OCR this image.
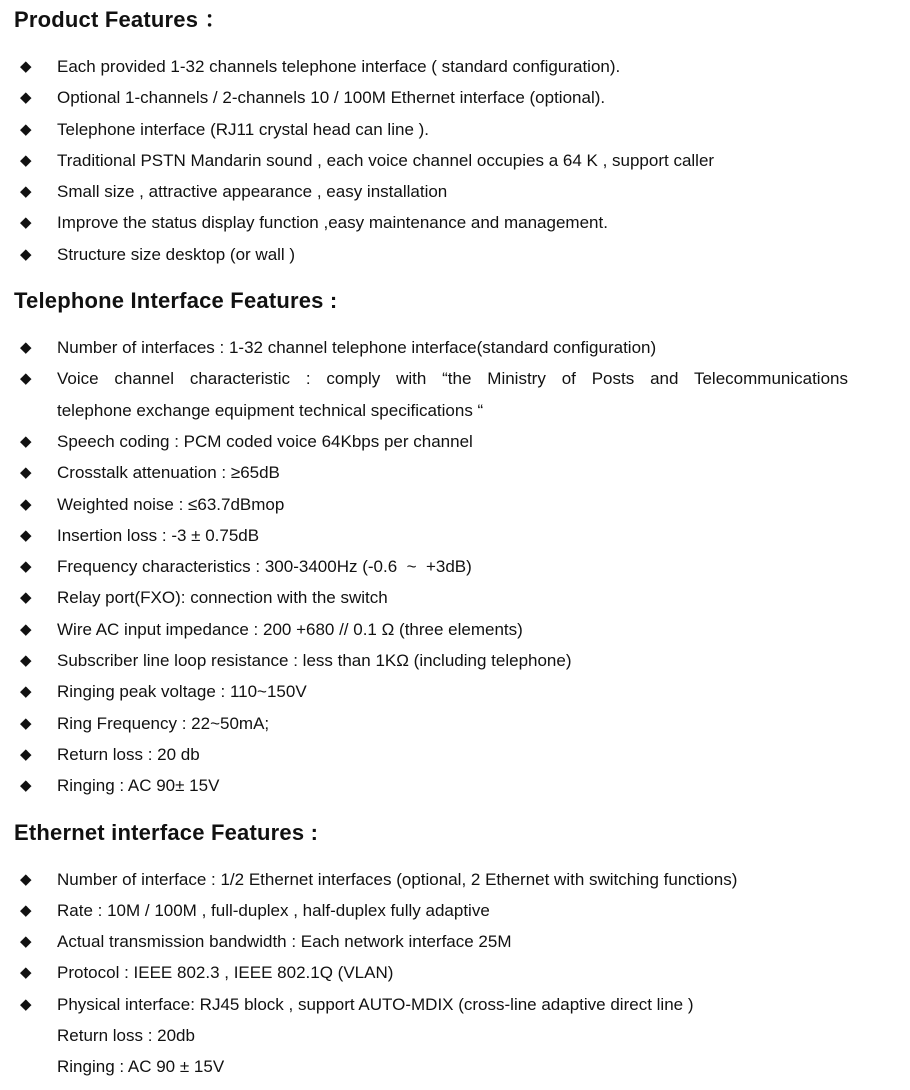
Product Features ：
◆	Each provided 1-32 channels telephone interface ( standard configuration).
◆	Optional 1-channels / 2-channels 10 / 100M Ethernet interface (optional).
◆	Telephone interface (RJ11 crystal head can line ).
◆	Traditional PSTN Mandarin sound , each voice channel occupies a 64 K , support caller
◆	Small size , attractive appearance , easy installation
◆	Improve the status display function ,easy maintenance and management.
◆	Structure size desktop (or wall )
Telephone Interface Features :
◆	Number of interfaces : 1-32 channel telephone interface(standard configuration)
◆	Voice channel characteristic : comply with “the Ministry of Posts and Telecommunications
telephone exchange equipment technical specifications “
◆	Speech coding : PCM coded voice 64Kbps per channel
◆	Crosstalk attenuation : ≥65dB
◆	Weighted noise : ≤63.7dBmop
◆	Insertion loss : -3 ± 0.75dB
◆	Frequency characteristics : 300-3400Hz (-0.6  ~  +3dB)
◆	Relay port(FXO): connection with the switch
◆	Wire AC input impedance : 200 +680 // 0.1 Ω (three elements)
◆	Subscriber line loop resistance : less than 1KΩ (including telephone)
◆	Ringing peak voltage : 110~150V
◆	Ring Frequency : 22~50mA;
◆	Return loss : 20 db
◆	Ringing : AC 90± 15V
Ethernet interface Features :
◆	Number of interface : 1/2 Ethernet interfaces (optional, 2 Ethernet with switching functions)
◆	Rate : 10M / 100M , full-duplex , half-duplex fully adaptive
◆	Actual transmission bandwidth : Each network interface 25M
◆	Protocol : IEEE 802.3 , IEEE 802.1Q (VLAN)
◆	Physical interface: RJ45 block , support AUTO-MDIX (cross-line adaptive direct line )
Return loss : 20db
Ringing : AC 90 ± 15V
